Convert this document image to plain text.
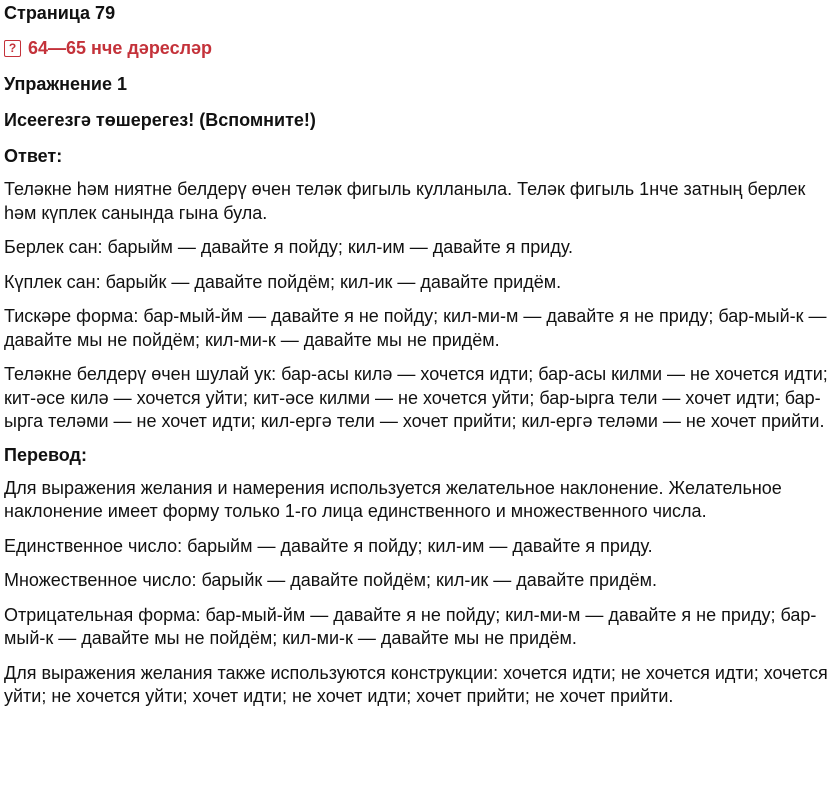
Страница 79
? 64—65 нче дәресләр
Упражнение 1
Исеегезгә төшерегез! (Вспомните!)
Ответ:

Теләкне һәм ниятне белдерү өчен теләк фигыль кулланыла. Теләк фигыль 1нче затның берлек һәм күплек санында гына була.

Берлек сан: барыйм — давайте я пойду; кил-им — давайте я приду.

Күплек сан: барыйк — давайте пойдём; кил-ик — давайте придём.

Тискәре форма: бар-мый-йм — давайте я не пойду; кил-ми-м — давайте я не приду; бар-мый-к — давайте мы не пойдём; кил-ми-к — давайте мы не придём.

Теләкне белдерү өчен шулай ук: бар-асы килә — хочется идти; бар-асы килми — не хочется идти; кит-әсе килә — хочется уйти; кит-әсе килми — не хочется уйти; бар-ырга тели — хочет идти; бар-ырга теләми — не хочет идти; кил-ергә тели — хочет прийти; кил-ергә теләми — не хочет прийти.

Перевод:

Для выражения желания и намерения используется желательное наклонение. Желательное наклонение имеет форму только 1-го лица единственного и множественного числа.

Единственное число: барыйм — давайте я пойду; кил-им — давайте я приду.

Множественное число: барыйк — давайте пойдём; кил-ик — давайте придём.

Отрицательная форма: бар-мый-йм — давайте я не пойду; кил-ми-м — давайте я не приду; бар-мый-к — давайте мы не пойдём; кил-ми-к — давайте мы не придём.

Для выражения желания также используются конструкции: хочется идти; не хочется идти; хочется уйти; не хочется уйти; хочет идти; не хочет идти; хочет прийти; не хочет прийти.
